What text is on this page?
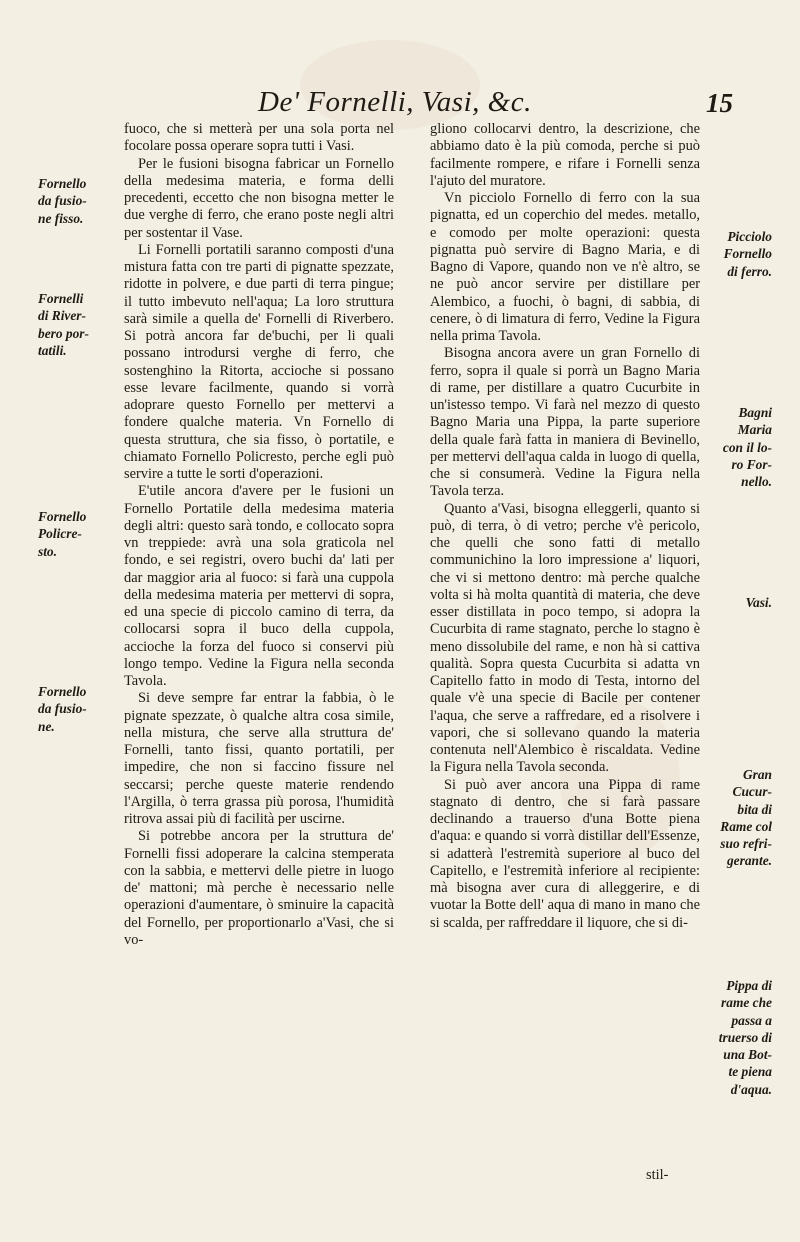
De' Fornelli, Vasi, &c.	15

fuoco, che si metterà per una sola porta nel focolare possa operare sopra tutti i Vasi.

Per le fusioni bisogna fabricar un Fornello della medesima materia, e forma delli precedenti, eccetto che non bisogna metter le due verghe di ferro, che erano poste negli altri per sostentar il Vase.

Li Fornelli portatili saranno composti d'una mistura fatta con tre parti di pignatte spezzate, ridotte in polvere, e due parti di terra pingue; il tutto imbevuto nell'aqua; La loro struttura sarà simile a quella de' Fornelli di Riverbero. Si potrà ancora far de'buchi, per li quali possano introdursi verghe di ferro, che sostenghino la Ritorta, accioche si possano esse levare facilmente, quando si vorrà adoprare questo Fornello per mettervi a fondere qualche materia. Vn Fornello di questa struttura, che sia fisso, ò portatile, e chiamato Fornello Policresto, perche egli può servire a tutte le sorti d'operazioni.

E'utile ancora d'avere per le fusioni un Fornello Portatile della medesima materia degli altri: questo sarà tondo, e collocato sopra vn treppiede: avrà una sola graticola nel fondo, e sei registri, overo buchi da' lati per dar maggior aria al fuoco: si farà una cuppola della medesima materia per mettervi di sopra, ed una specie di piccolo camino di terra, da collocarsi sopra il buco della cuppola, accioche la forza del fuoco si conservi più longo tempo. Vedine la Figura nella seconda Tavola.

Si deve sempre far entrar la fabbia, ò le pignate spezzate, ò qualche altra cosa simile, nella mistura, che serve alla struttura de' Fornelli, tanto fissi, quanto portatili, per impedire, che non si faccino fissure nel seccarsi; perche queste materie rendendo l'Argilla, ò terra grassa più porosa, l'humidità ritrova assai più di facilità per uscirne.

Si potrebbe ancora per la struttura de' Fornelli fissi adoperare la calcina stemperata con la sabbia, e mettervi delle pietre in luogo de' mattoni; mà perche è necessario nelle operazioni d'aumentare, ò sminuire la capacità del Fornello, per proportionarlo a'Vasi, che si vo-

gliono collocarvi dentro, la descrizione, che abbiamo dato è la più comoda, perche si può facilmente rompere, e rifare i Fornelli senza l'ajuto del muratore.

Vn picciolo Fornello di ferro con la sua pignatta, ed un coperchio del medes. metallo, e comodo per molte operazioni: questa pignatta può servire di Bagno Maria, e di Bagno di Vapore, quando non ve n'è altro, se ne può ancor servire per distillare per Alembico, a fuochi, ò bagni, di sabbia, di cenere, ò di limatura di ferro, Vedine la Figura nella prima Tavola.

Bisogna ancora avere un gran Fornello di ferro, sopra il quale si porrà un Bagno Maria di rame, per distillare a quatro Cucurbite in un'istesso tempo. Vi farà nel mezzo di questo Bagno Maria una Pippa, la parte superiore della quale farà fatta in maniera di Bevinello, per mettervi dell'aqua calda in luogo di quella, che si consumerà. Vedine la Figura nella Tavola terza.

Quanto a'Vasi, bisogna elleggerli, quanto si può, di terra, ò di vetro; perche v'è pericolo, che quelli che sono fatti di metallo communichino la loro impressione a' liquori, che vi si mettono dentro: mà perche qualche volta si hà molta quantità di materia, che deve esser distillata in poco tempo, si adopra la Cucurbita di rame stagnato, perche lo stagno è meno dissolubile del rame, e non hà si cattiva qualità. Sopra questa Cucurbita si adatta vn Capitello fatto in modo di Testa, intorno del quale v'è una specie di Bacile per contener l'aqua, che serve a raffredare, ed a risolvere i vapori, che si sollevano quando la materia contenuta nell'Alembico è riscaldata. Vedine la Figura nella Tavola seconda.

Si può aver ancora una Pippa di rame stagnato di dentro, che si farà passare declinando a trauerso d'una Botte piena d'aqua: e quando si vorrà distillar dell'Essenze, si adatterà l'estremità superiore al buco del Capitello, e l'estremità inferiore al recipiente: mà bisogna aver cura di alleggerire, e di vuotar la Botte dell' aqua di mano in mano che si scalda, per raffreddare il liquore, che si di-

Fornello
da fusio-
ne fisso.
Fornelli
di River-
bero por-
tatili.
Fornello
Policre-
sto.
Fornello
da fusio-
ne.
Picciolo
Fornello
di ferro.
Bagni
Maria
con il lo-
ro For-
nello.
Vasi.
Gran
Cucur-
bita di
Rame col
suo refri-
gerante.
Pippa di
rame che
passa a
truerso di
una Bot-
te piena
d'aqua.
stil-
